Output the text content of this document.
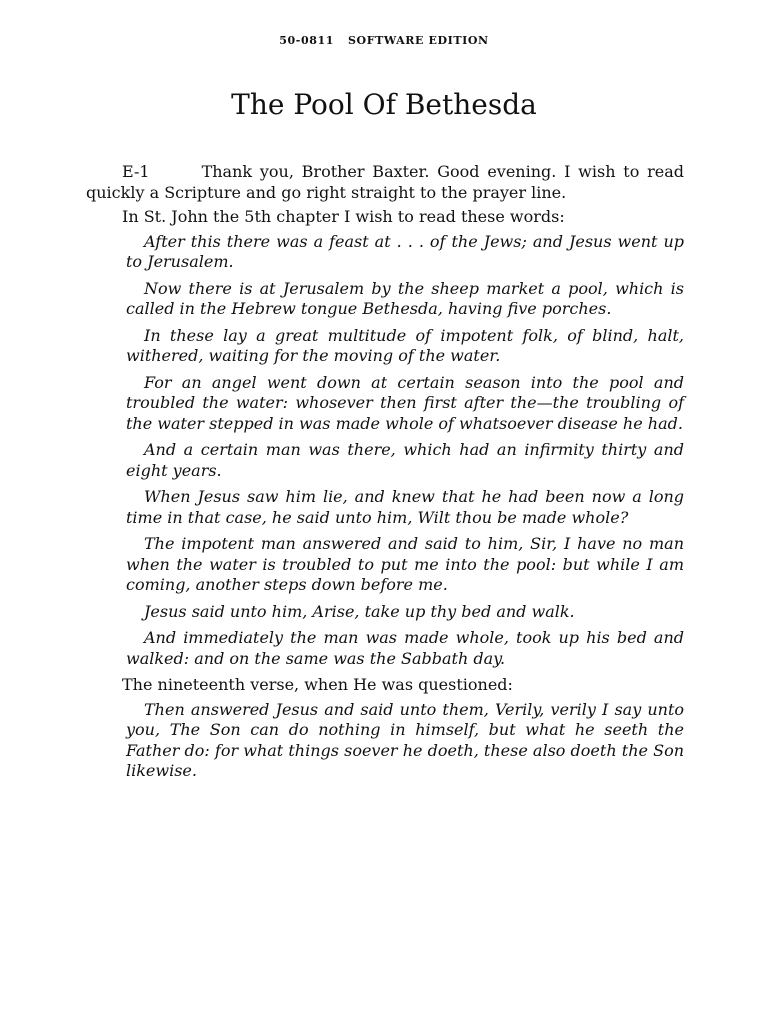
50-0811 SOFTWARE EDITION
The Pool Of Bethesda

E-1	Thank you, Brother Baxter. Good evening. I wish to read quickly a Scripture and go right straight to the prayer line.

In St. John the 5th chapter I wish to read these words:

After this there was a feast at . . . of the Jews; and Jesus went up to Jerusalem.

Now there is at Jerusalem by the sheep market a pool, which is called in the Hebrew tongue Bethesda, having five porches.

In these lay a great multitude of impotent folk, of blind, halt, withered, waiting for the moving of the water.

For an angel went down at certain season into the pool and troubled the water: whosever then first after the—the troubling of the water stepped in was made whole of whatsoever disease he had.

And a certain man was there, which had an infirmity thirty and eight years.

When Jesus saw him lie, and knew that he had been now a long time in that case, he said unto him, Wilt thou be made whole?

The impotent man answered and said to him, Sir, I have no man when the water is troubled to put me into the pool: but while I am coming, another steps down before me.

Jesus said unto him, Arise, take up thy bed and walk.

And immediately the man was made whole, took up his bed and walked: and on the same was the Sabbath day.

The nineteenth verse, when He was questioned:

Then answered Jesus and said unto them, Verily, verily I say unto you, The Son can do nothing in himself, but what he seeth the Father do: for what things soever he doeth, these also doeth the Son likewise.
